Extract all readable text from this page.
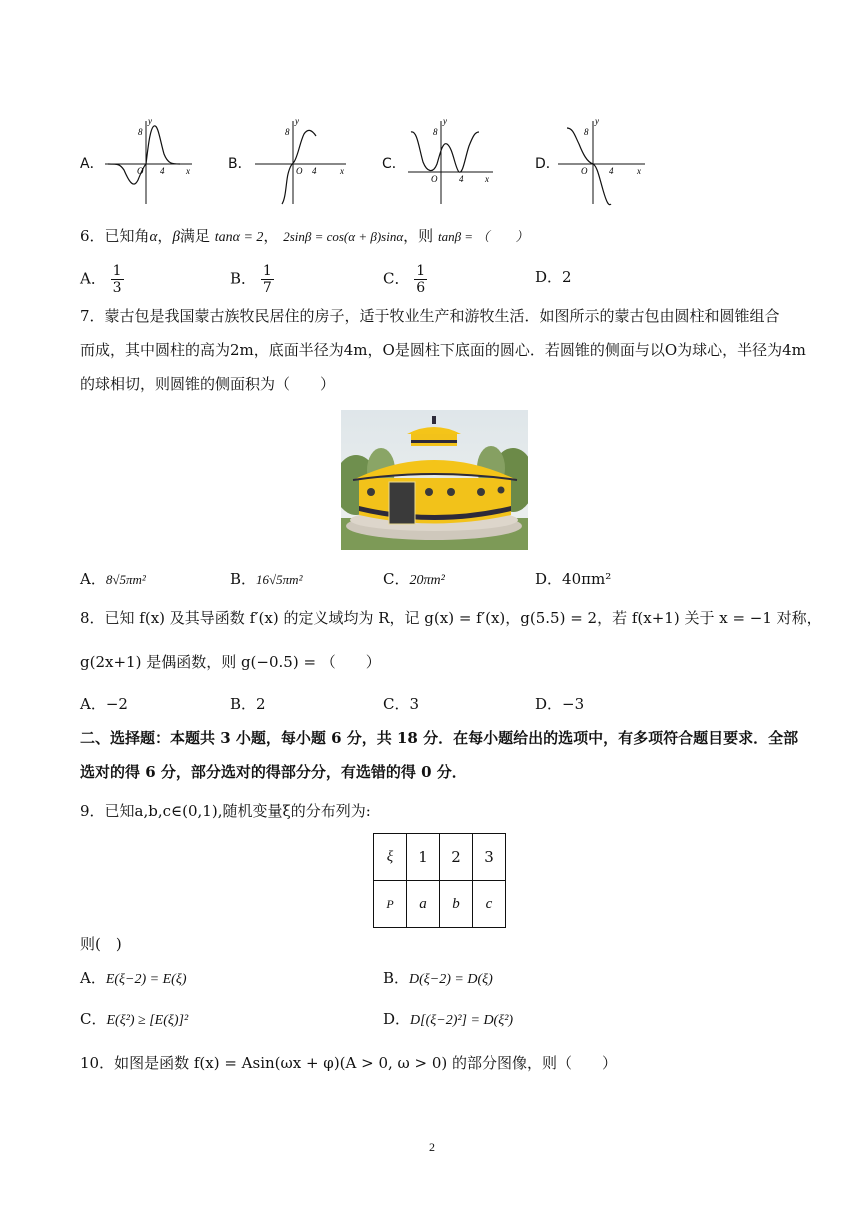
A．
y
8
O 4 x	B．
y
8
O 4	x	C．
y
8
O 4 x
D．
y
8
O 4	x
6．已知角α，β满足 tanα = 2， 2sinβ = cos(α + β)sinα，则 tanβ = （　　）
A． $\frac{1}{3}$	B． $\frac{1}{7}$	C． $\frac{1}{6}$	D．2
7．蒙古包是我国蒙古族牧民居住的房子，适于牧业生产和游牧生活．如图所示的蒙古包由圆柱和圆锥组合
而成，其中圆柱的高为2m，底面半径为4m，O是圆柱下底面的圆心．若圆锥的侧面与以O为球心，半径为4m
的球相切，则圆锥的侧面积为（　　）
A．8√5πm²	B．16√5πm²	C．20πm²	D．40πm²
8．已知 f(x) 及其导函数 f′(x) 的定义域均为 R，记 g(x) = f′(x)，g(5.5) = 2，若 f(x+1) 关于 x = −1 对称，
g(2x+1) 是偶函数，则 g(−0.5) = （　　）
A．−2	B．2	C．3	D．−3
二、选择题：本题共 3 小题，每小题 6 分，共 18 分．在每小题给出的选项中，有多项符合题目要求．全部
选对的得 6 分，部分选对的得部分分，有选错的得 0 分．
9．已知a,b,c∈(0,1),随机变量ξ的分布列为:
ξ	1	2	3
P	a	b	c
则(　)
A．E(ξ−2) = E(ξ)	B．D(ξ−2) = D(ξ)
C．E(ξ²) ≥ [E(ξ)]²	D．D[(ξ−2)²] = D(ξ²)
10．如图是函数 f(x) = Asin(ωx + φ)(A > 0, ω > 0) 的部分图像，则（　　）
2
